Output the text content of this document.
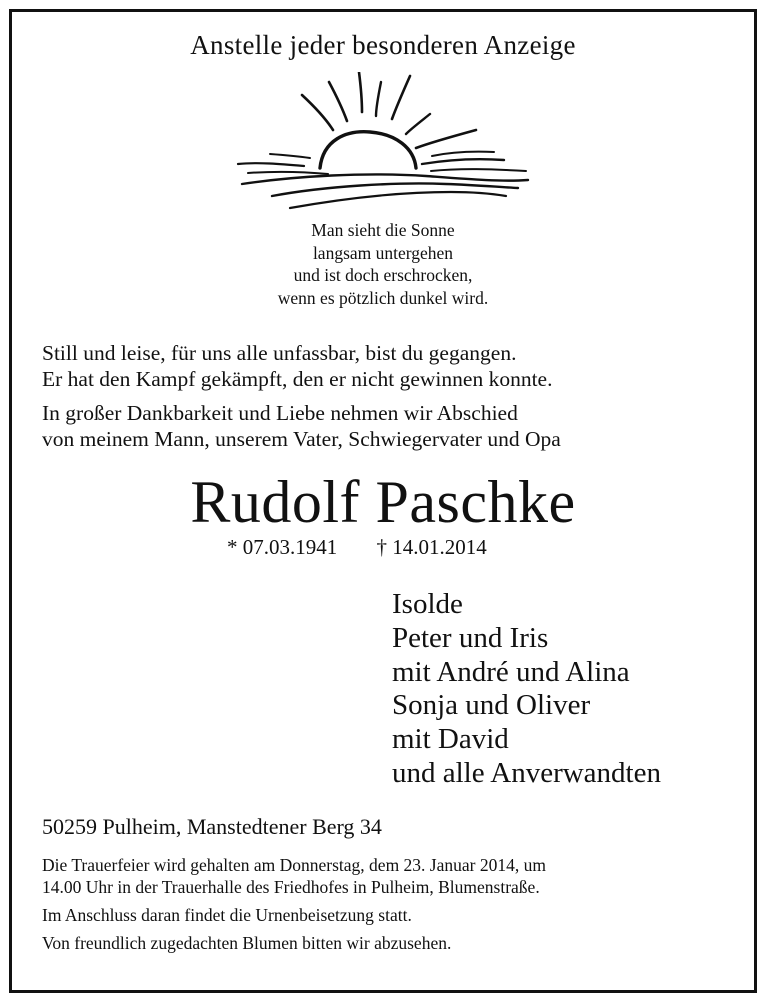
Anstelle jeder besonderen Anzeige
Man sieht die Sonne
langsam untergehen
und ist doch erschrocken,
wenn es pötzlich dunkel wird.
Still und leise, für uns alle unfassbar, bist du gegangen.
Er hat den Kampf gekämpft, den er nicht gewinnen konnte.
In großer Dankbarkeit und Liebe nehmen wir Abschied
von meinem Mann, unserem Vater, Schwiegervater und Opa
Rudolf Paschke
* 07.03.1941 † 14.01.2014
Isolde
Peter und Iris
mit André und Alina
Sonja und Oliver
mit David
und alle Anverwandten
50259 Pulheim, Manstedtener Berg 34
Die Trauerfeier wird gehalten am Donnerstag, dem 23. Januar 2014, um
14.00 Uhr in der Trauerhalle des Friedhofes in Pulheim, Blumenstraße.
Im Anschluss daran findet die Urnenbeisetzung statt.
Von freundlich zugedachten Blumen bitten wir abzusehen.
